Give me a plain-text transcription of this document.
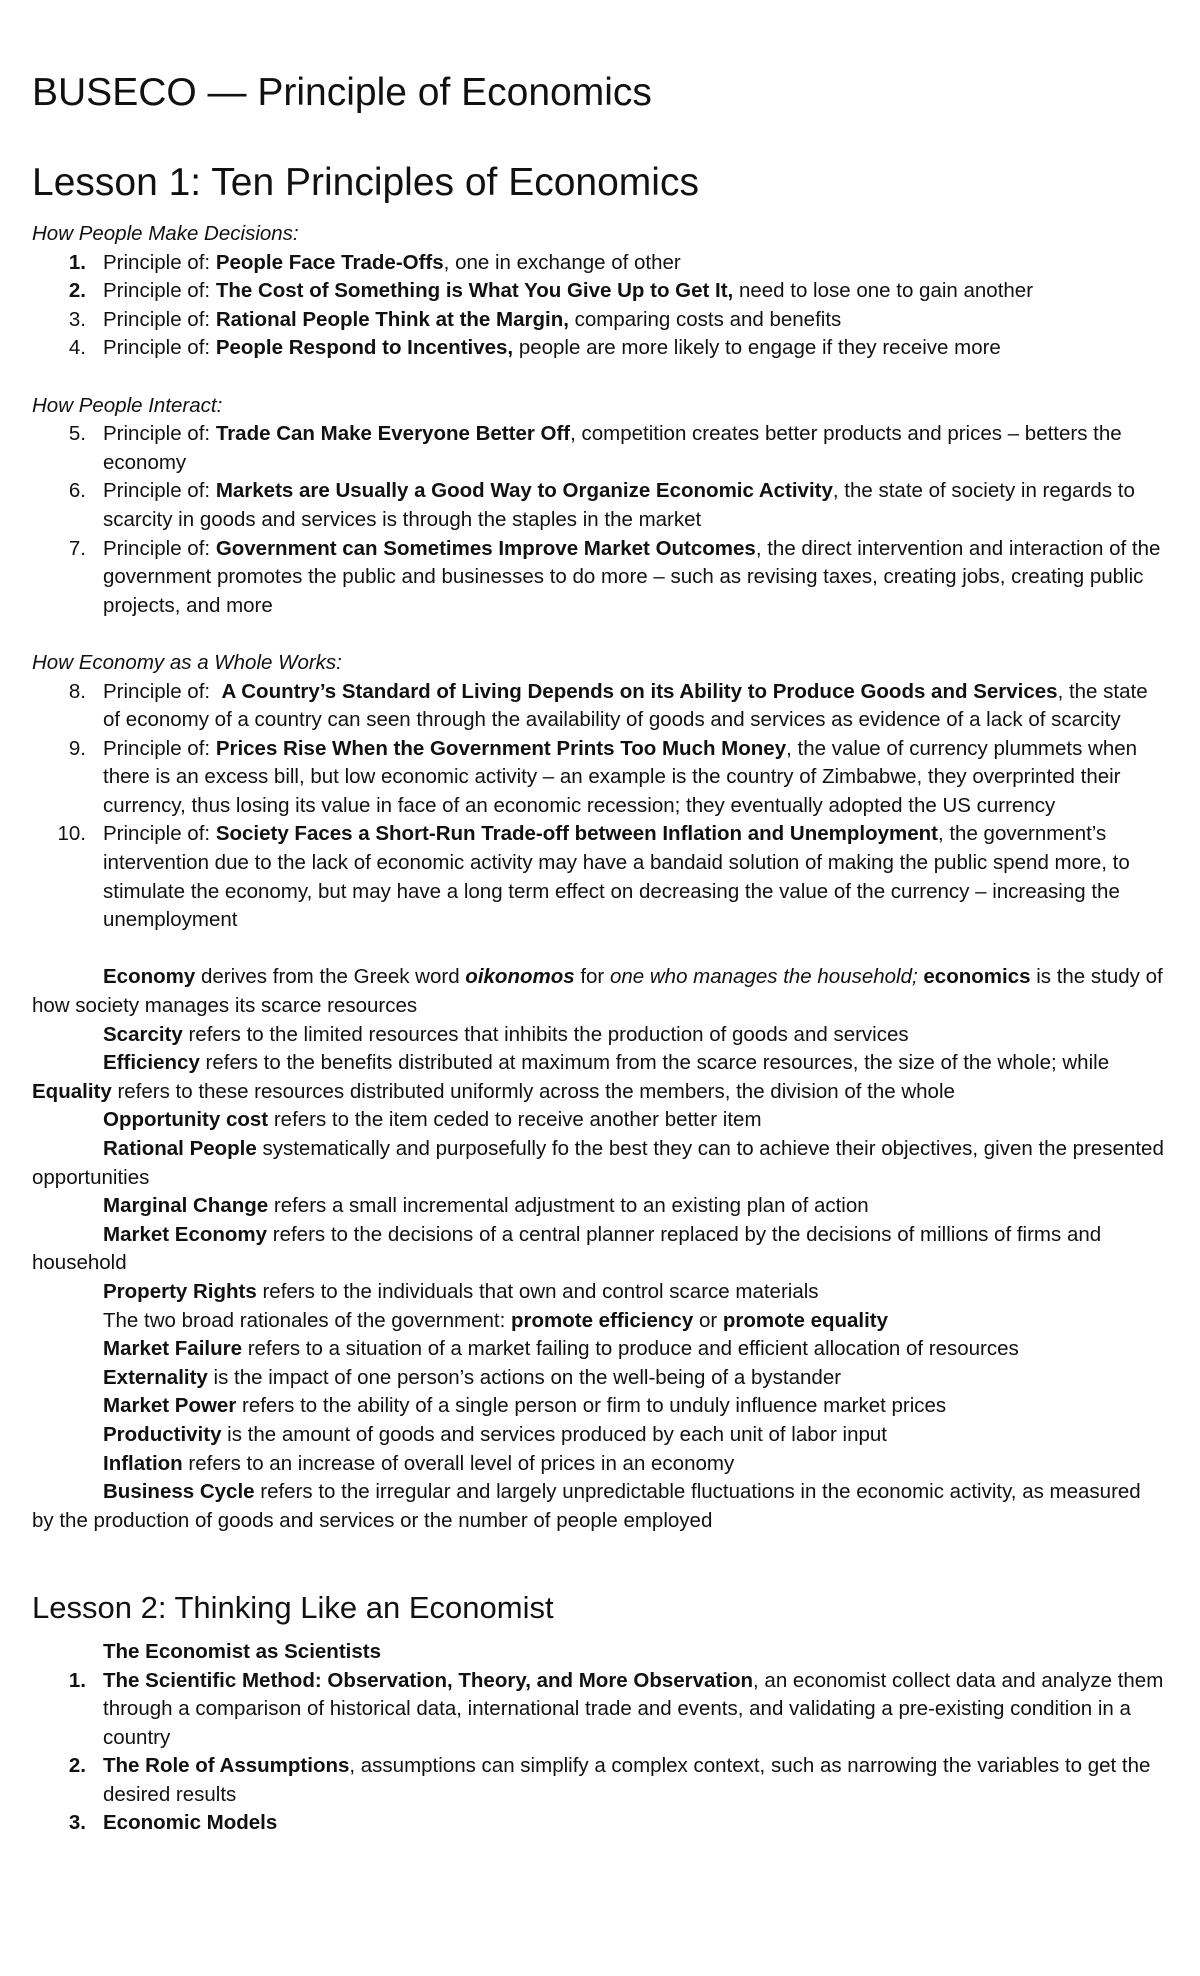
BUSECO — Principle of Economics
Lesson 1: Ten Principles of Economics

How People Make Decisions:

1. Principle of: People Face Trade-Offs, one in exchange of other
2. Principle of: The Cost of Something is What You Give Up to Get It, need to lose one to gain another
3. Principle of: Rational People Think at the Margin, comparing costs and benefits
4. Principle of: People Respond to Incentives, people are more likely to engage if they receive more

How People Interact:

5. Principle of: Trade Can Make Everyone Better Off, competition creates better products and prices – betters the economy
6. Principle of: Markets are Usually a Good Way to Organize Economic Activity, the state of society in regards to scarcity in goods and services is through the staples in the market
7. Principle of: Government can Sometimes Improve Market Outcomes, the direct intervention and interaction of the government promotes the public and businesses to do more – such as revising taxes, creating jobs, creating public projects, and more

How Economy as a Whole Works:

8. Principle of:  A Country’s Standard of Living Depends on its Ability to Produce Goods and Services, the state of economy of a country can seen through the availability of goods and services as evidence of a lack of scarcity
9. Principle of: Prices Rise When the Government Prints Too Much Money, the value of currency plummets when there is an excess bill, but low economic activity – an example is the country of Zimbabwe, they overprinted their currency, thus losing its value in face of an economic recession; they eventually adopted the US currency
10. Principle of: Society Faces a Short-Run Trade-off between Inflation and Unemployment, the government’s intervention due to the lack of economic activity may have a bandaid solution of making the public spend more, to stimulate the economy, but may have a long term effect on decreasing the value of the currency – increasing the unemployment

Economy derives from the Greek word oikonomos for one who manages the household; economics is the study of how society manages its scarce resources

Scarcity refers to the limited resources that inhibits the production of goods and services

Efficiency refers to the benefits distributed at maximum from the scarce resources, the size of the whole; while Equality refers to these resources distributed uniformly across the members, the division of the whole

Opportunity cost refers to the item ceded to receive another better item

Rational People systematically and purposefully fo the best they can to achieve their objectives, given the presented opportunities

Marginal Change refers a small incremental adjustment to an existing plan of action

Market Economy refers to the decisions of a central planner replaced by the decisions of millions of firms and household

Property Rights refers to the individuals that own and control scarce materials

The two broad rationales of the government: promote efficiency or promote equality

Market Failure refers to a situation of a market failing to produce and efficient allocation of resources

Externality is the impact of one person’s actions on the well-being of a bystander

Market Power refers to the ability of a single person or firm to unduly influence market prices

Productivity is the amount of goods and services produced by each unit of labor input

Inflation refers to an increase of overall level of prices in an economy

Business Cycle refers to the irregular and largely unpredictable fluctuations in the economic activity, as measured by the production of goods and services or the number of people employed

Lesson 2: Thinking Like an Economist

The Economist as Scientists

1. The Scientific Method: Observation, Theory, and More Observation, an economist collect data and analyze them through a comparison of historical data, international trade and events, and validating a pre-existing condition in a country
2. The Role of Assumptions, assumptions can simplify a complex context, such as narrowing the variables to get the desired results
3. Economic Models
